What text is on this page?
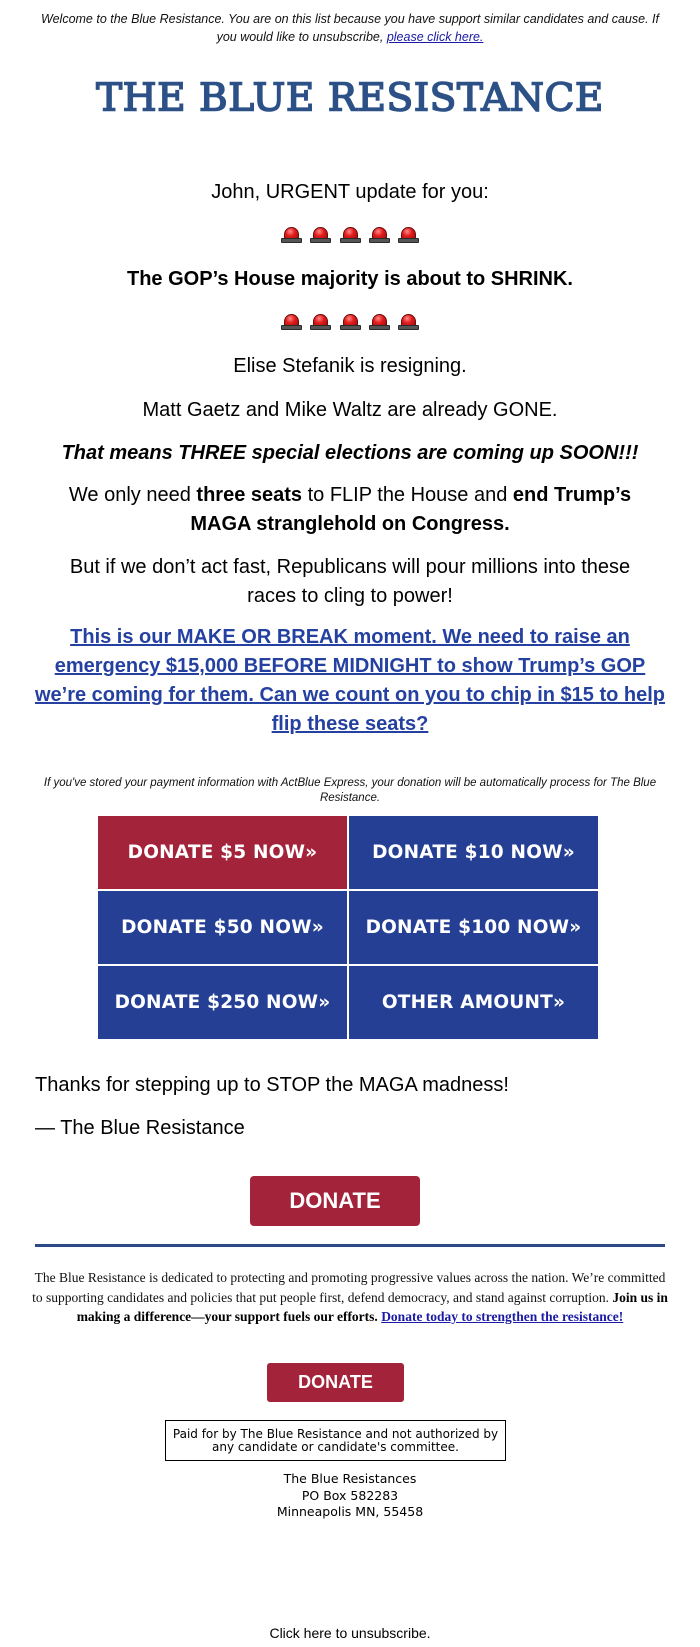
Welcome to the Blue Resistance. You are on this list because you have support similar candidates and cause. If you would like to unsubscribe, please click here.
THE BLUE RESISTANCE
John, URGENT update for you:

The GOP’s House majority is about to SHRINK.

Elise Stefanik is resigning.
Matt Gaetz and Mike Waltz are already GONE.
That means THREE special elections are coming up SOON!!!
We only need three seats to FLIP the House and end Trump’s MAGA stranglehold on Congress.
But if we don’t act fast, Republicans will pour millions into these races to cling to power!
This is our MAKE OR BREAK moment. We need to raise an emergency $15,000 BEFORE MIDNIGHT to show Trump’s GOP we’re coming for them. Can we count on you to chip in $15 to help flip these seats?
If you've stored your payment information with ActBlue Express, your donation will be automatically process for The Blue Resistance.
DONATE $5 NOW»	DONATE $10 NOW»
DONATE $50 NOW»	DONATE $100 NOW»
DONATE $250 NOW»	OTHER AMOUNT»
Thanks for stepping up to STOP the MAGA madness!
— The Blue Resistance
DONATE
The Blue Resistance is dedicated to protecting and promoting progressive values across the nation. We’re committed to supporting candidates and policies that put people first, defend democracy, and stand against corruption. Join us in making a difference—your support fuels our efforts. Donate today to strengthen the resistance!
DONATE
Paid for by The Blue Resistance and not authorized by any candidate or candidate's committee.
The Blue Resistances
PO Box 582283
Minneapolis MN, 55458
Click here to unsubscribe.
